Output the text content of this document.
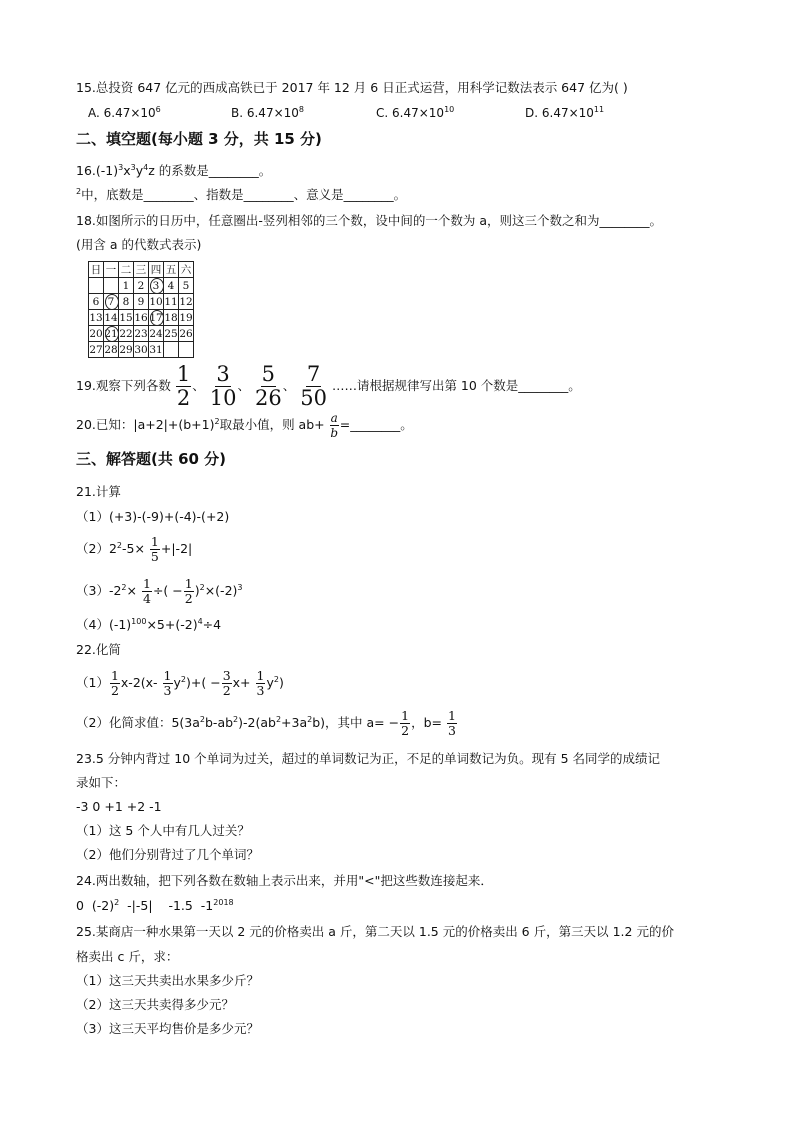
15.总投资 647 亿元的西成高铁已于 2017 年 12 月 6 日正式运营，用科学记数法表示 647 亿为( )
A. $6.47\times 10^6$	B. $6.47\times 10^8$	C. $6.47\times 10^{10}$	D. $6.47\times 10^{11}$
二、填空题(每小题 3 分，共 15 分)
$16.(-1)^3x^3y^4z$ 的系数是________。
$^2$中，底数是________、指数是________、意义是________。
18.如图所示的日历中，任意圈出-竖列相邻的三个数，设中间的一个数为 a，则这三个数之和为________。
(用含 a 的代数式表示)
日	一	二	三	四	五	六
		1	2	3	4	5
6	7	8	9	10	11	12
13	14	15	16	17	18	19
20	21	22	23	24	25	26
27	28	29	30	31		
19.观察下列各数 $\frac{1}{2}$ 、 $\frac{3}{10}$ 、 $\frac{5}{26}$ 、 $\frac{7}{50}$ ……请根据规律写出第 10 个数是________。
20.已知：$|a+2|+(b+1)^2$取最小值，则 $ab+ \frac{a}{b}$ =________。
三、解答题(共 60 分)
21.计算
（1）(+3)-(-9)+(-4)-(+2)
$(2)2^2-5\times \frac{1}{5} +|-2|$
$(3)-2^2\times \frac{1}{4}$ ÷( − $\frac{1}{2} )^2\times(-2)^3$
$(4)(-1)^{100}\times 5+(-2)^4\div 4$
22.化简
$(1) \frac{1}{2} x-2(x- \frac{1}{3} y^2)+( - \frac{3}{2} x+ \frac{1}{3} y^2)$
（2）化简求值：$5(3a^2b-ab^2)-2(ab^2+3a^2b)$，其中 $a= - \frac{1}{2}$ ，$b= \frac{1}{3}$
23.5 分钟内背过 10 个单词为过关，超过的单词数记为正，不足的单词数记为负。现有 5 名同学的成绩记
录如下：
-3 0 +1 +2 -1
（1）这 5 个人中有几人过关？
（2）他们分别背过了几个单词？
24.两出数轴，把下列各数在数轴上表示出来，并用"<"把这些数连接起来．
0  $(-2)^2$  -|-5|    -1.5  $-1^{2018}$
25.某商店一种水果第一天以 2 元的价格卖出 a 斤，第二天以 1.5 元的价格卖出 6 斤，第三天以 1.2 元的价
格卖出 c 斤，求：
（1）这三天共卖出水果多少斤？
（2）这三天共卖得多少元？
（3）这三天平均售价是多少元？
